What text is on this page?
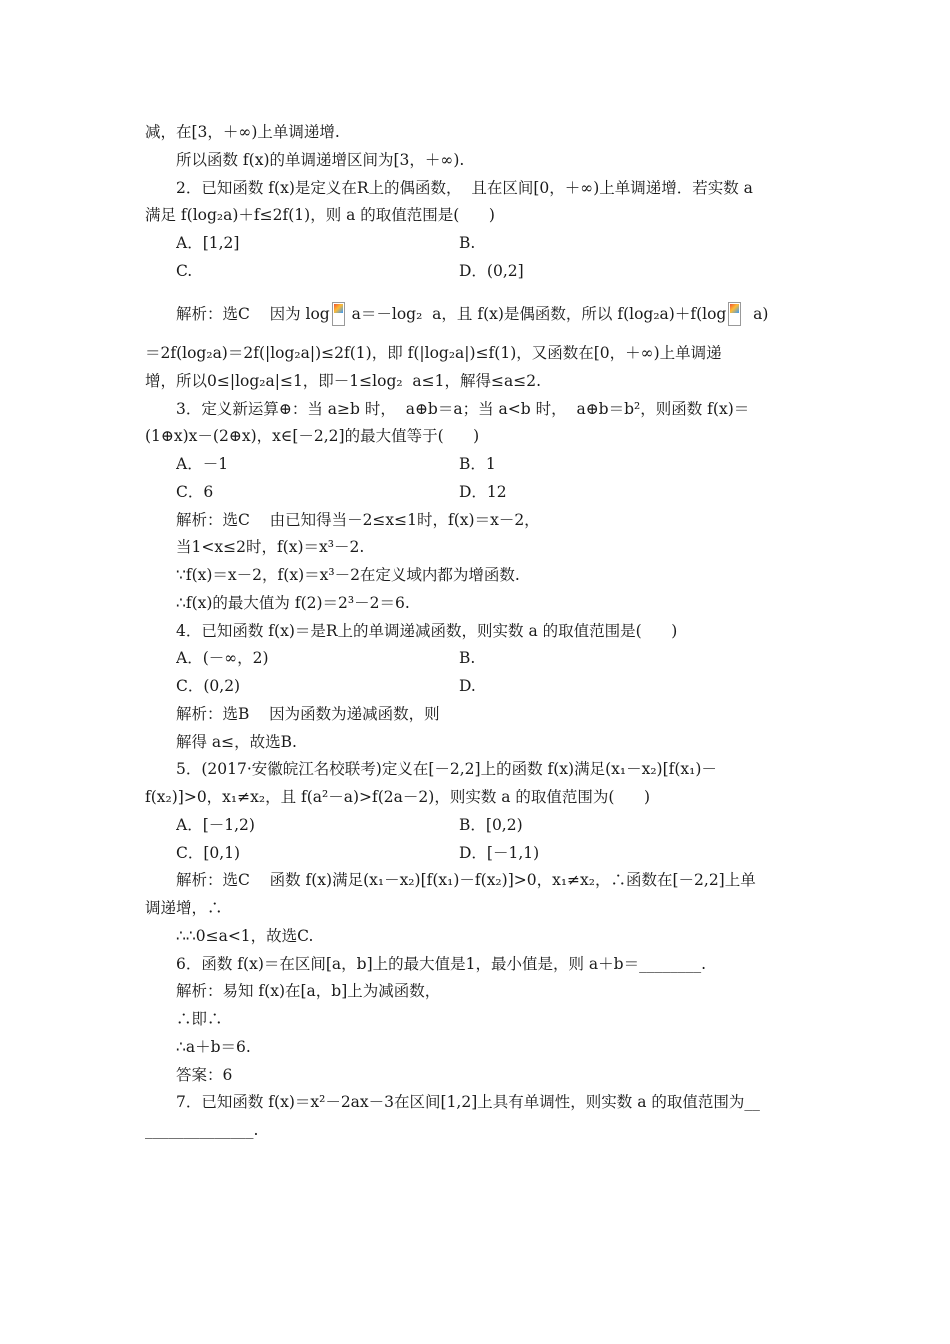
减，在[3，＋∞)上单调递增.
所以函数 f(x)的单调递增区间为[3，＋∞).
2．已知函数 f(x)是定义在R上的偶函数，  且在区间[0，＋∞)上单调递增．若实数 a
满足 f(log₂a)＋f≤2f(1)，则 a 的取值范围是(      )
A．[1,2]	B.
C.	D．(0,2]
解析：选C    因为 log a＝－log₂  a，且 f(x)是偶函数，所以 f(log₂a)＋f(log  a)
＝2f(log₂a)＝2f(|log₂a|)≤2f(1)，即 f(|log₂a|)≤f(1)，又函数在[0，＋∞)上单调递
增，所以0≤|log₂a|≤1，即－1≤log₂  a≤1，解得≤a≤2.
3．定义新运算⊕：当 a≥b 时，  a⊕b＝a；当 a<b 时，  a⊕b＝b²，则函数 f(x)＝
(1⊕x)x－(2⊕x)，x∈[－2,2]的最大值等于(      )
A．－1	B．1
C．6	D．12
解析：选C    由已知得当－2≤x≤1时，f(x)＝x－2，
当1<x≤2时，f(x)＝x³－2.
∵f(x)＝x－2，f(x)＝x³－2在定义域内都为增函数.
∴f(x)的最大值为 f(2)＝2³－2＝6.
4．已知函数 f(x)＝是R上的单调递减函数，则实数 a 的取值范围是(      )
A．(－∞，2)	B.
C．(0,2)	D.
解析：选B    因为函数为递减函数，则
解得 a≤，故选B.
5．(2017·安徽皖江名校联考)定义在[－2,2]上的函数 f(x)满足(x₁－x₂)[f(x₁)－
f(x₂)]>0，x₁≠x₂，且 f(a²－a)>f(2a－2)，则实数 a 的取值范围为(      )
A．[－1,2)	B．[0,2)
C．[0,1)	D．[－1,1)
解析：选C    函数 f(x)满足(x₁－x₂)[f(x₁)－f(x₂)]>0，x₁≠x₂，∴函数在[－2,2]上单
调递增，∴
∴∴0≤a<1，故选C.
6．函数 f(x)＝在区间[a，b]上的最大值是1，最小值是，则 a＋b＝________.
解析：易知 f(x)在[a，b]上为减函数，
∴即∴
∴a＋b＝6.
答案：6
7．已知函数 f(x)＝x²－2ax－3在区间[1,2]上具有单调性，则实数 a 的取值范围为__
______________.
